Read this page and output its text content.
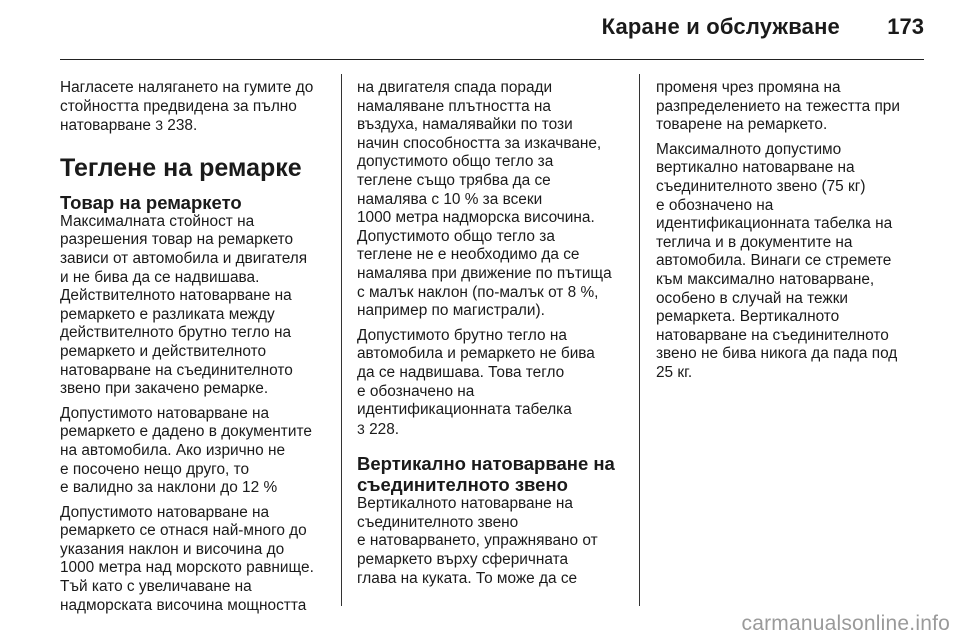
Каране и обслужване	173

Нагласете налягането на гумите до
стойността предвидена за пълно
натоварване 3 238.

Теглене на ремарке
Товар на ремаркето

Максималната стойност на
разрешения товар на ремаркето
зависи от автомобила и двигателя
и не бива да се надвишава.
Действителното натоварване на
ремаркето е разликата между
действителното брутно тегло на
ремаркето и действителното
натоварване на съединителното
звено при закачено ремарке.

Допустимото натоварване на
ремаркето е дадено в документите
на автомобила. Ако изрично не
е посочено нещо друго, то
е валидно за наклони до 12 %

Допустимото натоварване на
ремаркето се отнася най-много до
указания наклон и височина до
1000 метра над морското равнище.
Тъй като с увеличаване на
надморската височина мощността

на двигателя спада поради
намаляване плътността на
въздуха, намалявайки по този
начин способността за изкачване,
допустимото общо тегло за
теглене също трябва да се
намалява с 10 % за всеки
1000 метра надморска височина.
Допустимото общо тегло за
теглене не е необходимо да се
намалява при движение по пътища
с малък наклон (по-малък от 8 %,
например по магистрали).

Допустимото брутно тегло на
автомобила и ремаркето не бива
да се надвишава. Това тегло
е обозначено на
идентификационната табелка
3 228.

Вертикално натоварване на
съединителното звено

Вертикалното натоварване на
съединителното звено
е натоварването, упражнявано от
ремаркето върху сферичната
глава на куката. То може да се

променя чрез промяна на
разпределението на тежестта при
товарене на ремаркето.

Максималното допустимо
вертикално натоварване на
съединителното звено (75 кг)
е обозначено на
идентификационната табелка на
теглича и в документите на
автомобила. Винаги се стремете
към максимално натоварване,
особено в случай на тежки
ремаркета. Вертикалното
натоварване на съединителното
звено не бива никога да пада под
25 кг.

carmanualsonline.info
